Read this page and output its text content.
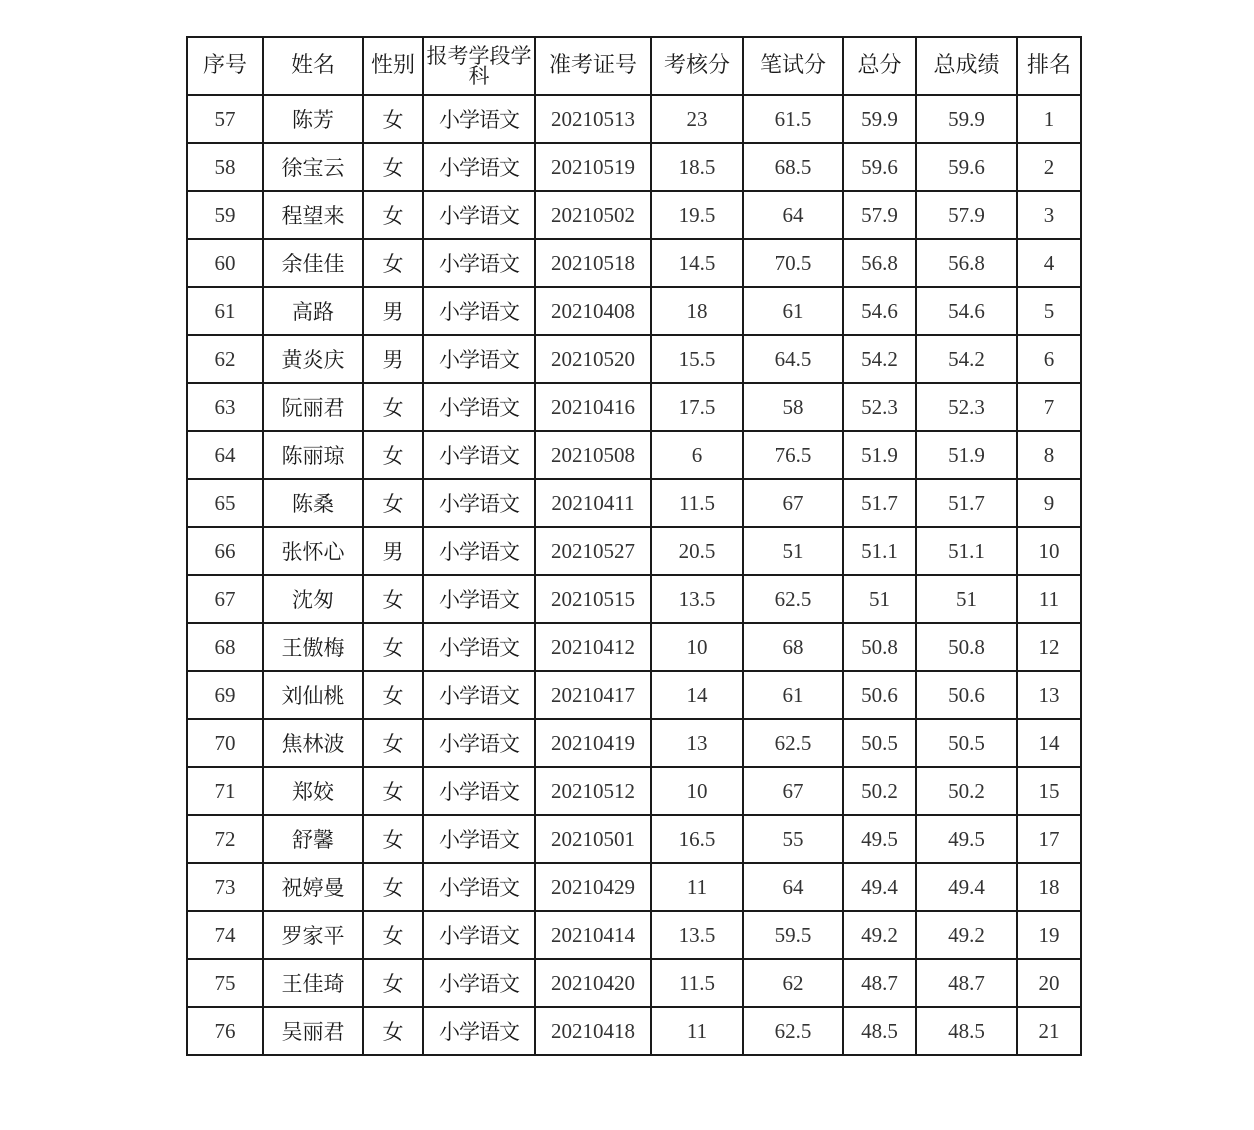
序号	姓名	性别	报考学段学科	准考证号	考核分	笔试分	总分	总成绩	排名
57	陈芳	女	小学语文	20210513	23	61.5	59.9	59.9	1
58	徐宝云	女	小学语文	20210519	18.5	68.5	59.6	59.6	2
59	程望来	女	小学语文	20210502	19.5	64	57.9	57.9	3
60	余佳佳	女	小学语文	20210518	14.5	70.5	56.8	56.8	4
61	高路	男	小学语文	20210408	18	61	54.6	54.6	5
62	黄炎庆	男	小学语文	20210520	15.5	64.5	54.2	54.2	6
63	阮丽君	女	小学语文	20210416	17.5	58	52.3	52.3	7
64	陈丽琼	女	小学语文	20210508	6	76.5	51.9	51.9	8
65	陈桑	女	小学语文	20210411	11.5	67	51.7	51.7	9
66	张怀心	男	小学语文	20210527	20.5	51	51.1	51.1	10
67	沈匆	女	小学语文	20210515	13.5	62.5	51	51	11
68	王傲梅	女	小学语文	20210412	10	68	50.8	50.8	12
69	刘仙桃	女	小学语文	20210417	14	61	50.6	50.6	13
70	焦林波	女	小学语文	20210419	13	62.5	50.5	50.5	14
71	郑姣	女	小学语文	20210512	10	67	50.2	50.2	15
72	舒馨	女	小学语文	20210501	16.5	55	49.5	49.5	17
73	祝婷曼	女	小学语文	20210429	11	64	49.4	49.4	18
74	罗家平	女	小学语文	20210414	13.5	59.5	49.2	49.2	19
75	王佳琦	女	小学语文	20210420	11.5	62	48.7	48.7	20
76	吴丽君	女	小学语文	20210418	11	62.5	48.5	48.5	21
